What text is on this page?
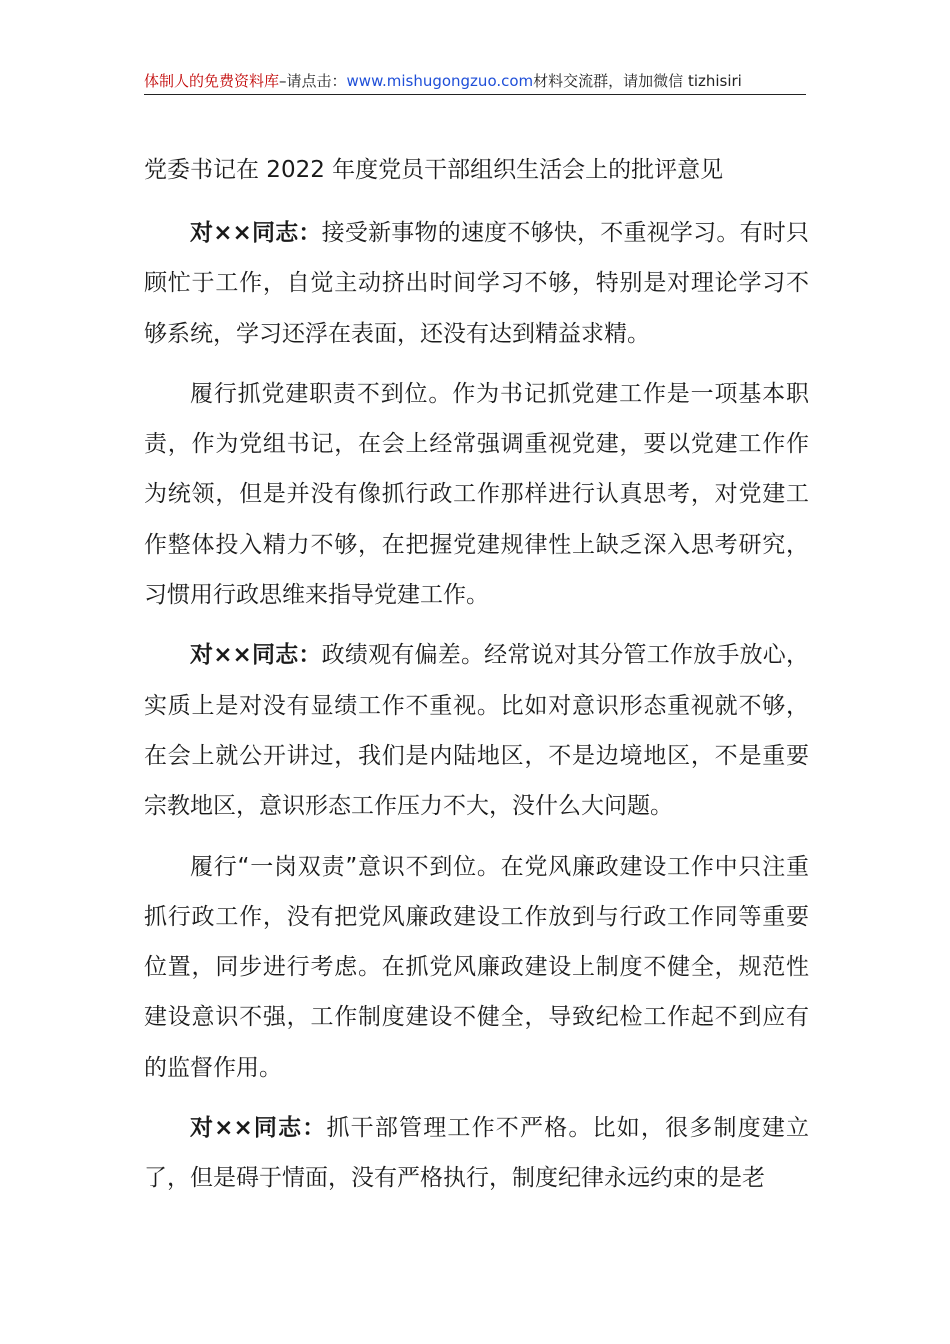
体制人的免费资料库–请点击：www.mishugongzuo.com材料交流群，请加微信 tizhisiri
党委书记在 2022 年度党员干部组织生活会上的批评意见

对××同志：接受新事物的速度不够快，不重视学习。有时只顾忙于工作，自觉主动挤出时间学习不够，特别是对理论学习不够系统，学习还浮在表面，还没有达到精益求精。

履行抓党建职责不到位。作为书记抓党建工作是一项基本职责，作为党组书记，在会上经常强调重视党建，要以党建工作作为统领，但是并没有像抓行政工作那样进行认真思考，对党建工作整体投入精力不够，在把握党建规律性上缺乏深入思考研究，习惯用行政思维来指导党建工作。

对××同志：政绩观有偏差。经常说对其分管工作放手放心，实质上是对没有显绩工作不重视。比如对意识形态重视就不够，在会上就公开讲过，我们是内陆地区，不是边境地区，不是重要宗教地区，意识形态工作压力不大，没什么大问题。

履行“一岗双责”意识不到位。在党风廉政建设工作中只注重抓行政工作，没有把党风廉政建设工作放到与行政工作同等重要位置，同步进行考虑。在抓党风廉政建设上制度不健全，规范性建设意识不强，工作制度建设不健全，导致纪检工作起不到应有的监督作用。

对××同志：抓干部管理工作不严格。比如，很多制度建立了，但是碍于情面，没有严格执行，制度纪律永远约束的是老
